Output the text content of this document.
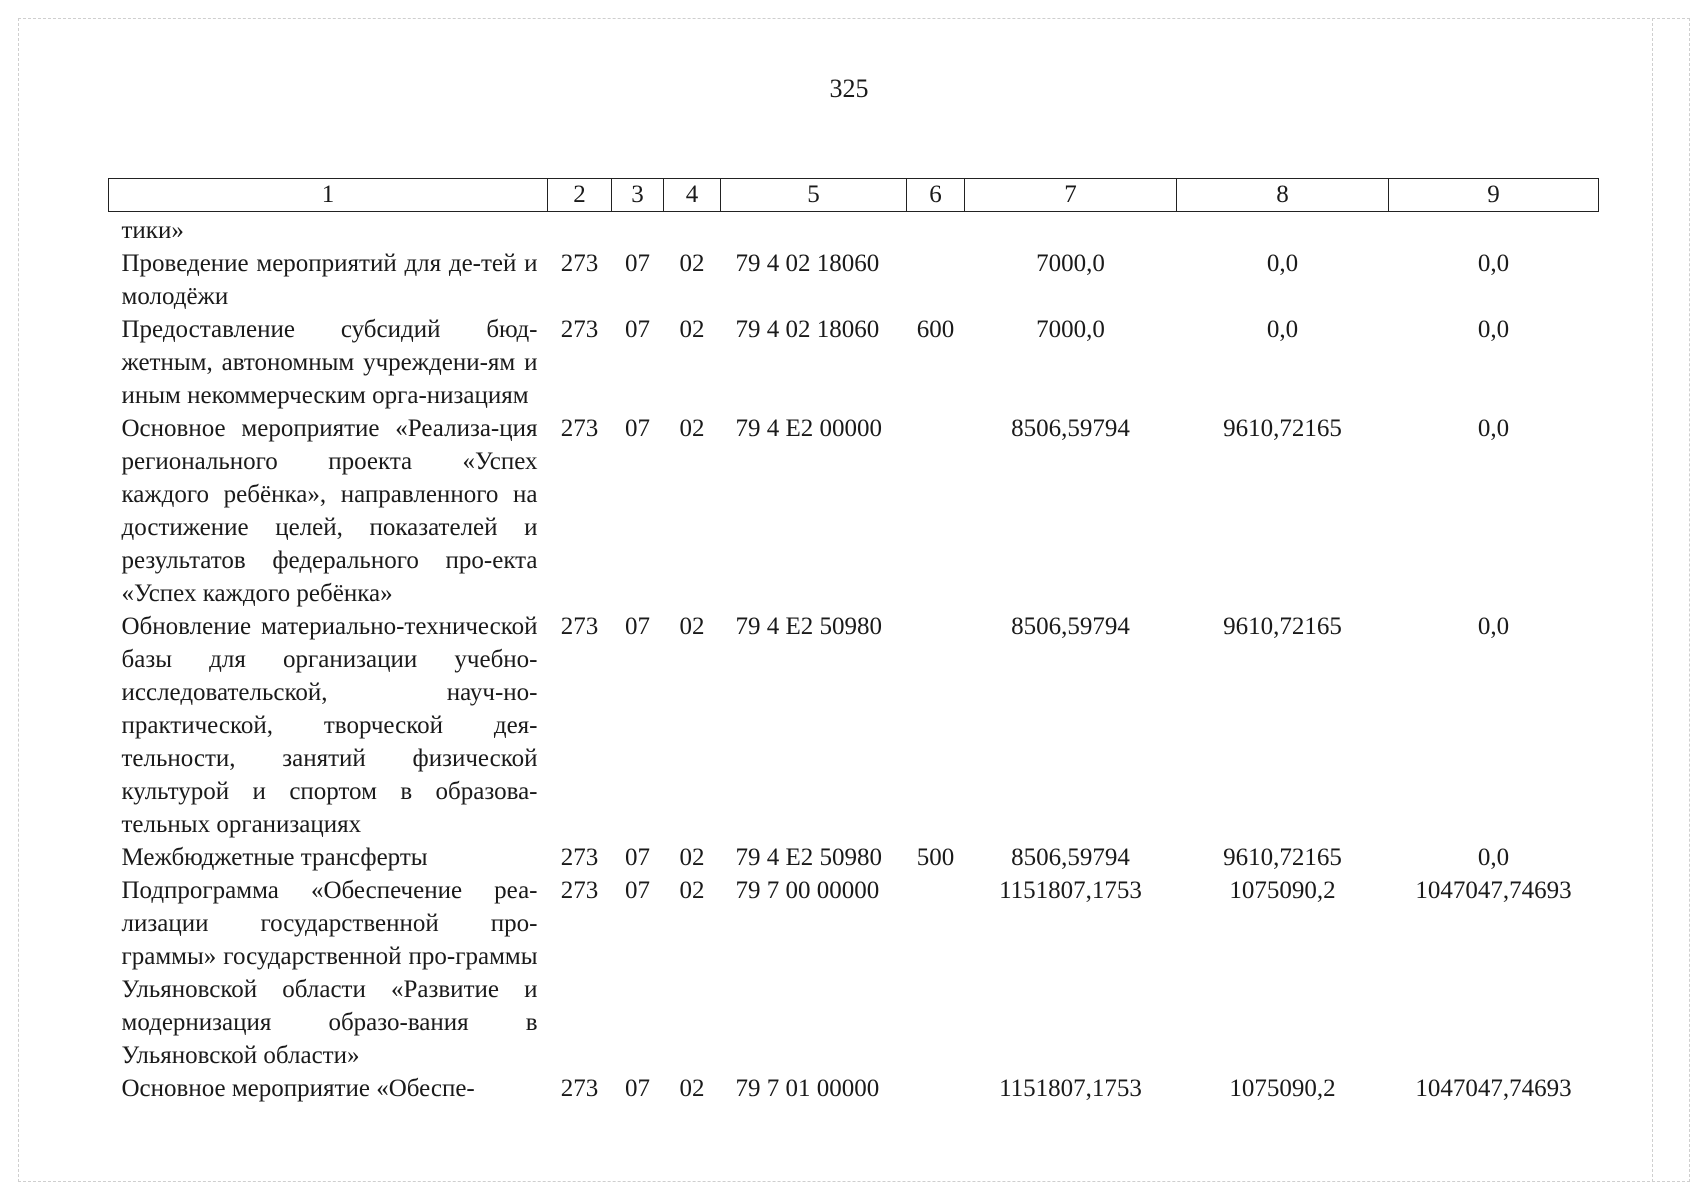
325
1	2	3	4	5	6	7	8	9
тики»								
Проведение мероприятий для де-тей и молодёжи	273	07	02	79 4 02 18060		7000,0	0,0	0,0
Предоставление субсидий бюд-жетным, автономным учреждени-ям и иным некоммерческим орга-низациям	273	07	02	79 4 02 18060	600	7000,0	0,0	0,0
Основное мероприятие «Реализа-ция регионального проекта «Успех каждого ребёнка», направленного на достижение целей, показателей и результатов федерального про-екта «Успех каждого ребёнка»	273	07	02	79 4 E2 00000		8506,59794	9610,72165	0,0
Обновление материально-технической базы для организации учебно-исследовательской, науч-но-практической, творческой дея-тельности, занятий физической культурой и спортом в образова-тельных организациях	273	07	02	79 4 E2 50980		8506,59794	9610,72165	0,0
Межбюджетные трансферты	273	07	02	79 4 E2 50980	500	8506,59794	9610,72165	0,0
Подпрограмма «Обеспечение реа-лизации государственной про-граммы» государственной про-граммы Ульяновской области «Развитие и модернизация образо-вания в Ульяновской области»	273	07	02	79 7 00 00000		1151807,1753	1075090,2	1047047,74693
Основное мероприятие «Обеспе-	273	07	02	79 7 01 00000		1151807,1753	1075090,2	1047047,74693
